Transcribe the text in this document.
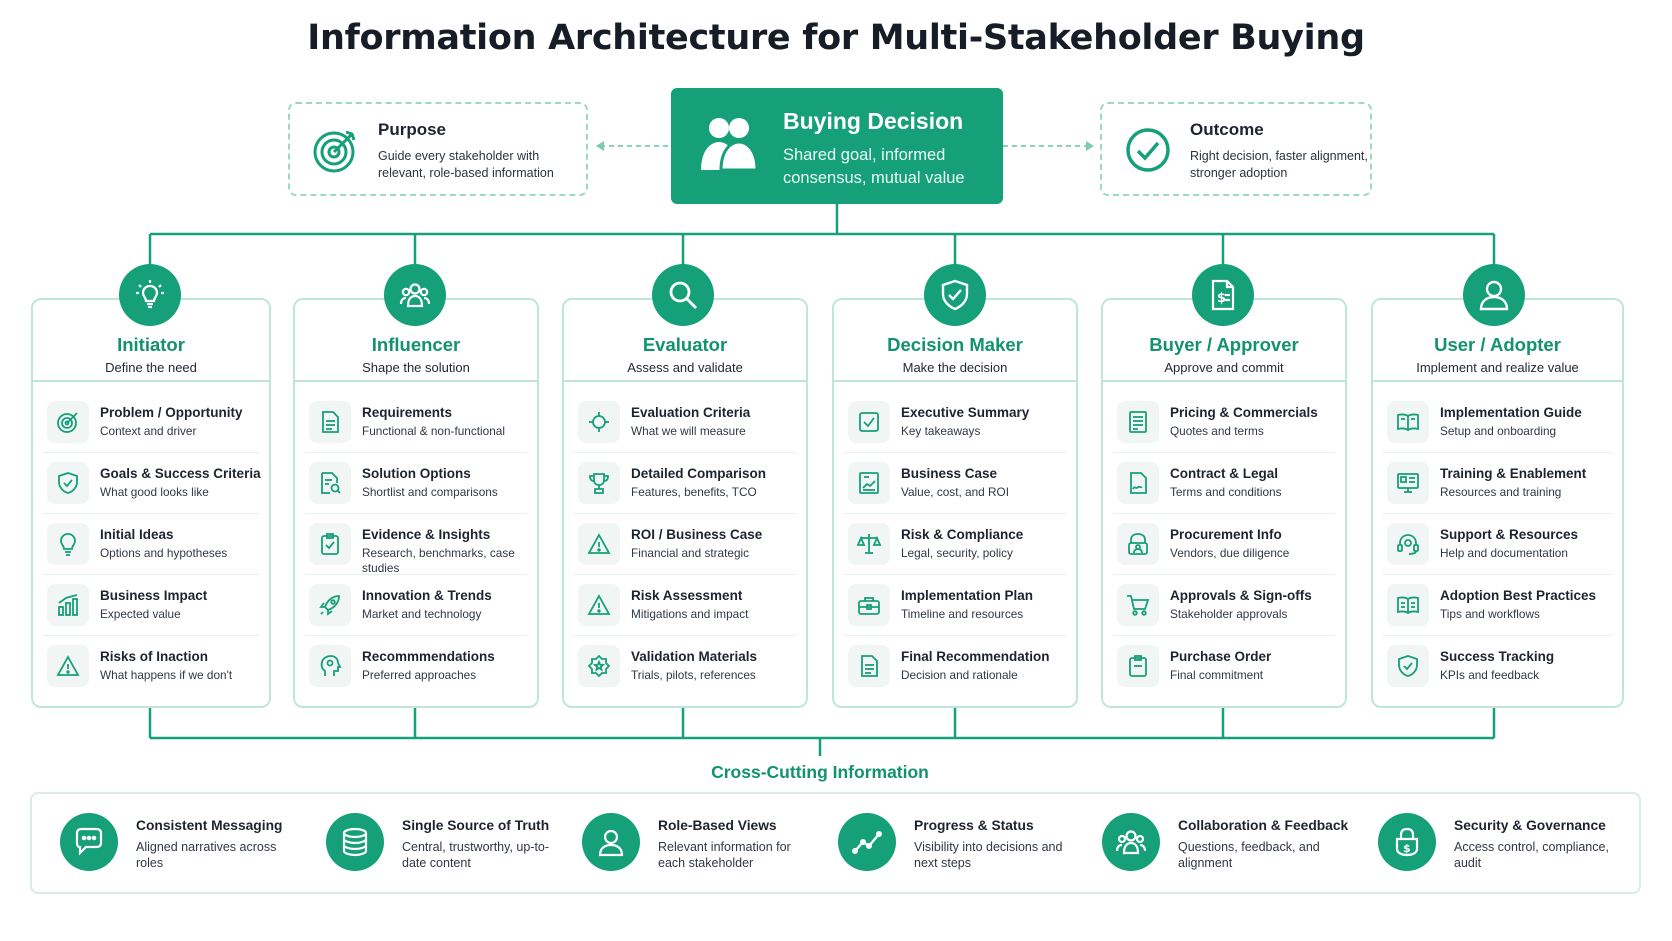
Information Architecture for Multi-Stakeholder Buying
Purpose
Guide every stakeholder with relevant, role-based information
Buying Decision
Shared goal, informed consensus, mutual value
Outcome
Right decision, faster alignment, stronger adoption
Initiator
Define the need
Problem / Opportunity
Context and driver
Goals & Success Criteria
What good looks like
Initial Ideas
Options and hypotheses
Business Impact
Expected value
Risks of Inaction
What happens if we don't
Influencer
Shape the solution
Requirements
Functional & non-functional
Solution Options
Shortlist and comparisons
Evidence & Insights
Research, benchmarks, case studies
Innovation & Trends
Market and technology
Recommmendations
Preferred approaches
Evaluator
Assess and validate
Evaluation Criteria
What we will measure
Detailed Comparison
Features, benefits, TCO
ROI / Business Case
Financial and strategic
Risk Assessment
Mitigations and impact
Validation Materials
Trials, pilots, references
Decision Maker
Make the decision
Executive Summary
Key takeaways
Business Case
Value, cost, and ROI
Risk & Compliance
Legal, security, policy
Implementation Plan
Timeline and resources
Final Recommendation
Decision and rationale
Buyer / Approver
Approve and commit
Pricing & Commercials
Quotes and terms
Contract & Legal
Terms and conditions
Procurement Info
Vendors, due diligence
Approvals & Sign-offs
Stakeholder approvals
Purchase Order
Final commitment
$
User / Adopter
Implement and realize value
Implementation Guide
Setup and onboarding
Training & Enablement
Resources and training
Support & Resources
Help and documentation
Adoption Best Practices
Tips and workflows
Success Tracking
KPIs and feedback
Cross-Cutting Information
Consistent Messaging
Aligned narratives across roles
Single Source of Truth
Central, trustworthy, up-to-date content
Role-Based Views
Relevant information for each stakeholder
Progress & Status
Visibility into decisions and next steps
Collaboration & Feedback
Questions, feedback, and alignment
$
Security & Governance
Access control, compliance, audit
